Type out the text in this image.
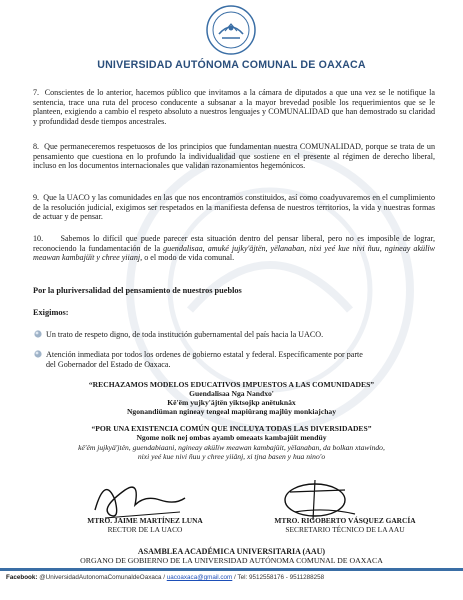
UNIVERSIDAD AUTÓNOMA COMUNAL DE OAXACA
7. Conscientes de lo anterior, hacemos público que invitamos a la cámara de diputados a que una vez se le notifique la sentencia, trace una ruta del proceso conducente a subsanar a la mayor brevedad posible los requerimientos que se le planteen, exigiendo a cambio el respeto absoluto a nuestros lenguajes y COMUNALIDAD que han demostrado su claridad y profundidad desde tiempos ancestrales.
8. Que permaneceremos respetuosos de los principios que fundamentan nuestra COMUNALIDAD, porque se trata de un pensamiento que cuestiona en lo profundo la individualidad que sostiene en el presente al régimen de derecho liberal, incluso en los documentos internacionales que validan razonamientos hegemónicos.
9. Que la UACO y las comunidades en las que nos encontramos constituidos, así como coadyuvaremos en el cumplimiento de la resolución judicial, exigimos ser respetados en la manifiesta defensa de nuestros territorios, la vida y nuestras formas de actuar y de pensar.
10. Sabemos lo difícil que puede parecer esta situación dentro del pensar liberal, pero no es imposible de lograr, reconociendo la fundamentación de la guendalisaa, amuké jujky'äjtën, yëlanaban, nixi yeé kue nivi ñuu, ngineay akülïw meawan kambajüït y chree yiianj, o el modo de vida comunal.
Por la pluriversalidad del pensamiento de nuestros pueblos
Exigimos:
Un trato de respeto digno, de toda institución gubernamental del país hacia la UACO.
Atención inmediata por todos los ordenes de gobierno estatal y federal. Específicamente por parte
del Gobernador del Estado de Oaxaca.
“RECHAZAMOS MODELOS EDUCATIVOS IMPUESTOS A LAS COMUNIDADES”
Guendalisaa Nga Nandxo'
Kë'ëm yujky'äjtën yiktsojkp anëtuknäx
Ngonandiüman ngineay tengeal mapiürang majlüy monkiajchay
“POR UNA EXISTENCIA COMÚN QUE INCLUYA TODAS LAS DIVERSIDADES”
Ngome noik nej ombas ayamb omeaats kambajüit mendüy
kë'ëm jujkyä'jtën, guendabiaani, ngineay akülïw meawan kambajüit, yëlanaban, da bolkan xtawindo,
nixi yeé kue nivi ñuu y chree yiiänj, xi tjna basen y hua nino'o
MTRO. JAIME MARTÍNEZ LUNA
RECTOR DE LA UACO
MTRO. RIGOBERTO VÁSQUEZ GARCÍA
SECRETARIO TÉCNICO DE LA AAU
ASAMBLEA ACADÉMICA UNIVERSITARIA (AAU)
ORGANO DE GOBIERNO DE LA UNIVERSIDAD AUTÓNOMA COMUNAL DE OAXACA
Facebook: @UniversidadAutonomaComunaldeOaxaca / uacoaxaca@gmail.com / Tel: 9512558176 - 9511288258
